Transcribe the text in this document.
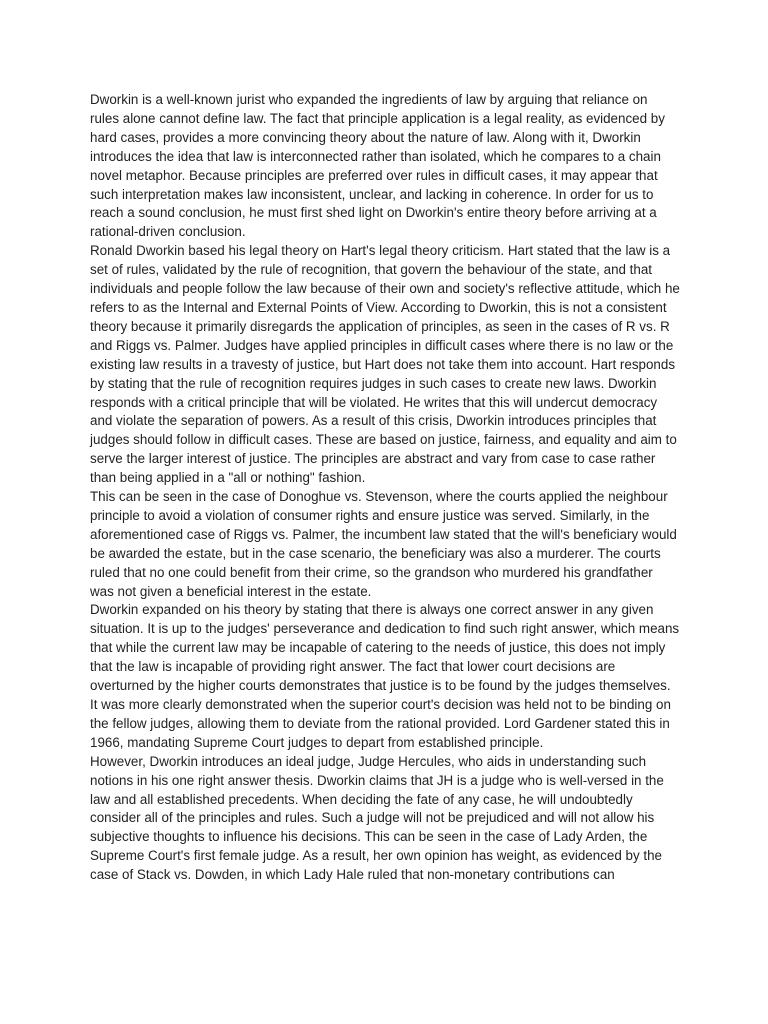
Dworkin is a well-known jurist who expanded the ingredients of law by arguing that reliance on rules alone cannot define law. The fact that principle application is a legal reality, as evidenced by hard cases, provides a more convincing theory about the nature of law. Along with it, Dworkin introduces the idea that law is interconnected rather than isolated, which he compares to a chain novel metaphor. Because principles are preferred over rules in difficult cases, it may appear that such interpretation makes law inconsistent, unclear, and lacking in coherence. In order for us to reach a sound conclusion, he must first shed light on Dworkin's entire theory before arriving at a rational-driven conclusion.

Ronald Dworkin based his legal theory on Hart's legal theory criticism. Hart stated that the law is a set of rules, validated by the rule of recognition, that govern the behaviour of the state, and that individuals and people follow the law because of their own and society's reflective attitude, which he refers to as the Internal and External Points of View. According to Dworkin, this is not a consistent theory because it primarily disregards the application of principles, as seen in the cases of R vs. R and Riggs vs. Palmer. Judges have applied principles in difficult cases where there is no law or the existing law results in a travesty of justice, but Hart does not take them into account. Hart responds by stating that the rule of recognition requires judges in such cases to create new laws. Dworkin responds with a critical principle that will be violated. He writes that this will undercut democracy and violate the separation of powers. As a result of this crisis, Dworkin introduces principles that judges should follow in difficult cases. These are based on justice, fairness, and equality and aim to serve the larger interest of justice. The principles are abstract and vary from case to case rather than being applied in a "all or nothing" fashion.

This can be seen in the case of Donoghue vs. Stevenson, where the courts applied the neighbour principle to avoid a violation of consumer rights and ensure justice was served. Similarly, in the aforementioned case of Riggs vs. Palmer, the incumbent law stated that the will's beneficiary would be awarded the estate, but in the case scenario, the beneficiary was also a murderer. The courts ruled that no one could benefit from their crime, so the grandson who murdered his grandfather was not given a beneficial interest in the estate.

Dworkin expanded on his theory by stating that there is always one correct answer in any given situation. It is up to the judges' perseverance and dedication to find such right answer, which means that while the current law may be incapable of catering to the needs of justice, this does not imply that the law is incapable of providing right answer. The fact that lower court decisions are overturned by the higher courts demonstrates that justice is to be found by the judges themselves. It was more clearly demonstrated when the superior court's decision was held not to be binding on the fellow judges, allowing them to deviate from the rational provided. Lord Gardener stated this in 1966, mandating Supreme Court judges to depart from established principle.

However, Dworkin introduces an ideal judge, Judge Hercules, who aids in understanding such notions in his one right answer thesis. Dworkin claims that JH is a judge who is well-versed in the law and all established precedents. When deciding the fate of any case, he will undoubtedly consider all of the principles and rules. Such a judge will not be prejudiced and will not allow his subjective thoughts to influence his decisions. This can be seen in the case of Lady Arden, the Supreme Court's first female judge. As a result, her own opinion has weight, as evidenced by the case of Stack vs. Dowden, in which Lady Hale ruled that non-monetary contributions can
